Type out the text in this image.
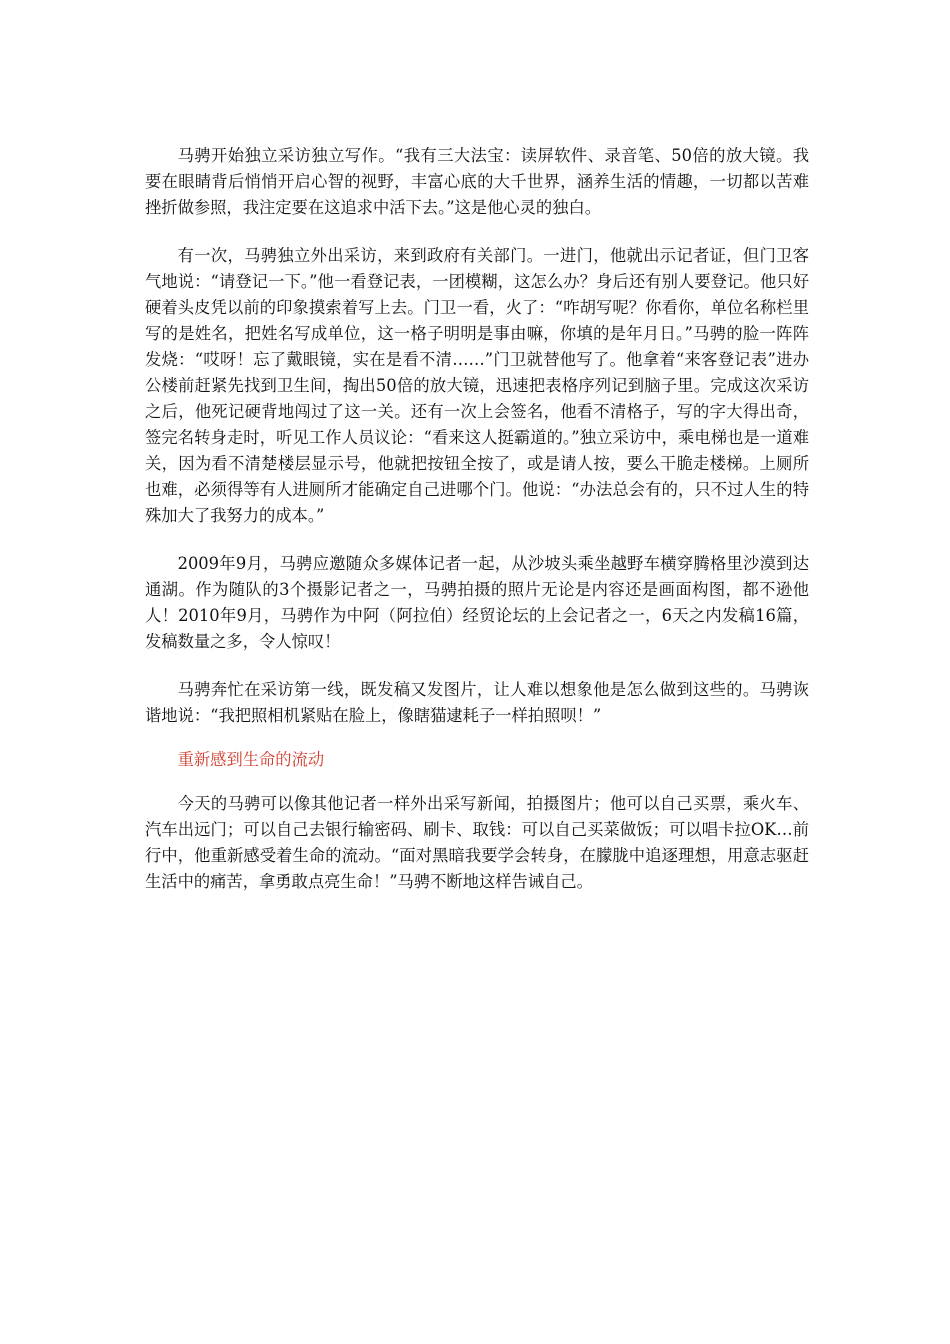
马骋开始独立采访独立写作。“我有三大法宝：读屏软件、录音笔、50倍的放大镜。我要在眼睛背后悄悄开启心智的视野，丰富心底的大千世界，涵养生活的情趣，一切都以苦难挫折做参照，我注定要在这追求中活下去。”这是他心灵的独白。

有一次，马骋独立外出采访，来到政府有关部门。一进门，他就出示记者证，但门卫客气地说：“请登记一下。”他一看登记表，一团模糊，这怎么办？身后还有别人要登记。他只好硬着头皮凭以前的印象摸索着写上去。门卫一看，火了：“咋胡写呢？你看你，单位名称栏里写的是姓名，把姓名写成单位，这一格子明明是事由嘛，你填的是年月日。”马骋的脸一阵阵发烧：“哎呀！忘了戴眼镜，实在是看不清……”门卫就替他写了。他拿着“来客登记表”进办公楼前赶紧先找到卫生间，掏出50倍的放大镜，迅速把表格序列记到脑子里。完成这次采访之后，他死记硬背地闯过了这一关。还有一次上会签名，他看不清格子，写的字大得出奇，签完名转身走时，听见工作人员议论：“看来这人挺霸道的。”独立采访中，乘电梯也是一道难关，因为看不清楚楼层显示号，他就把按钮全按了，或是请人按，要么干脆走楼梯。上厕所也难，必须得等有人进厕所才能确定自己进哪个门。他说：“办法总会有的，只不过人生的特殊加大了我努力的成本。”

2009年9月，马骋应邀随众多媒体记者一起，从沙坡头乘坐越野车横穿腾格里沙漠到达通湖。作为随队的3个摄影记者之一，马骋拍摄的照片无论是内容还是画面构图，都不逊他人！2010年9月，马骋作为中阿（阿拉伯）经贸论坛的上会记者之一，6天之内发稿16篇，发稿数量之多，令人惊叹！

马骋奔忙在采访第一线，既发稿又发图片，让人难以想象他是怎么做到这些的。马骋诙谐地说：“我把照相机紧贴在脸上，像瞎猫逮耗子一样拍照呗！”

重新感到生命的流动

今天的马骋可以像其他记者一样外出采写新闻，拍摄图片；他可以自己买票，乘火车、汽车出远门；可以自己去银行输密码、刷卡、取钱：可以自己买菜做饭；可以唱卡拉OK…前行中，他重新感受着生命的流动。“面对黑暗我要学会转身，在朦胧中追逐理想，用意志驱赶生活中的痛苦，拿勇敢点亮生命！”马骋不断地这样告诫自己。
